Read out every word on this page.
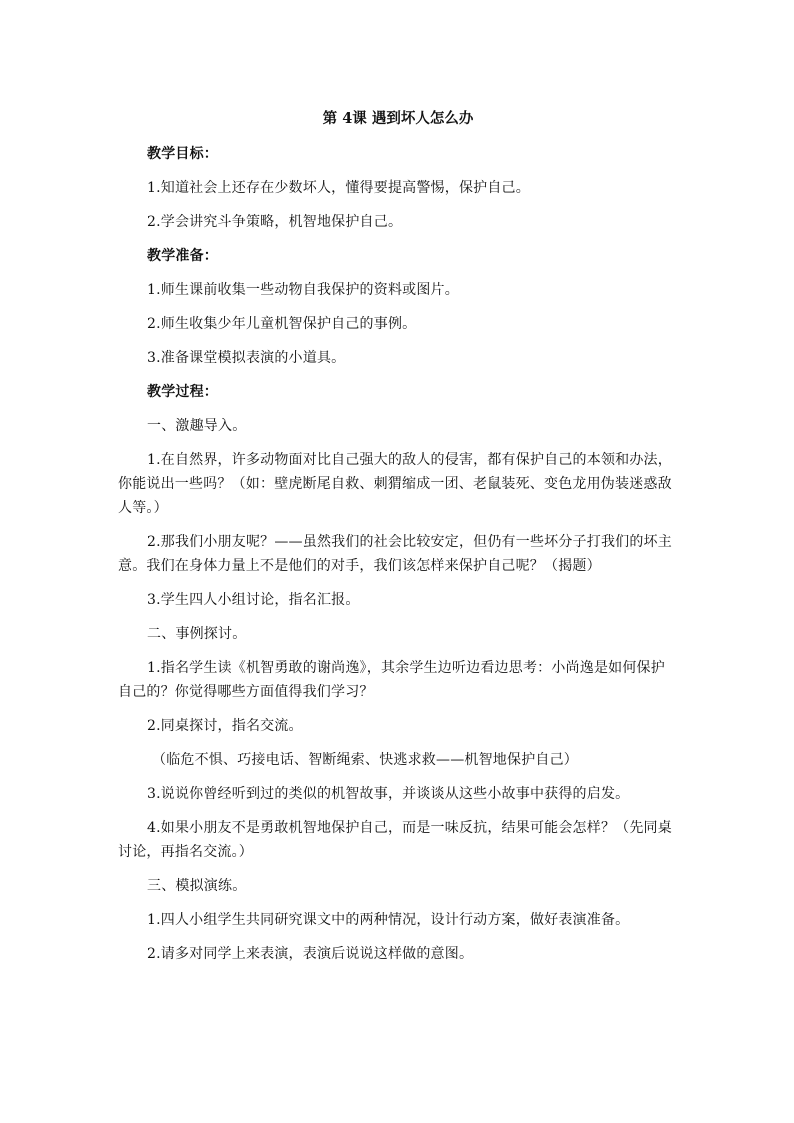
第 4课 遇到坏人怎么办
教学目标：
1.知道社会上还存在少数坏人，懂得要提高警惕，保护自己。
2.学会讲究斗争策略，机智地保护自己。
教学准备：
1.师生课前收集一些动物自我保护的资料或图片。
2.师生收集少年儿童机智保护自己的事例。
3.准备课堂模拟表演的小道具。
教学过程：
一、激趣导入。
1.在自然界，许多动物面对比自己强大的敌人的侵害，都有保护自己的本领和办法，你能说出一些吗？（如：壁虎断尾自救、刺猬缩成一团、老鼠装死、变色龙用伪装迷惑敌人等。）
2.那我们小朋友呢？——虽然我们的社会比较安定，但仍有一些坏分子打我们的坏主意。我们在身体力量上不是他们的对手，我们该怎样来保护自己呢？（揭题）
3.学生四人小组讨论，指名汇报。
二、事例探讨。
1.指名学生读《机智勇敢的谢尚逸》，其余学生边听边看边思考：小尚逸是如何保护自己的？你觉得哪些方面值得我们学习？
2.同桌探讨，指名交流。
（临危不惧、巧接电话、智断绳索、快逃求救——机智地保护自己）
3.说说你曾经听到过的类似的机智故事，并谈谈从这些小故事中获得的启发。
4.如果小朋友不是勇敢机智地保护自己，而是一味反抗，结果可能会怎样？（先同桌讨论，再指名交流。）
三、模拟演练。
1.四人小组学生共同研究课文中的两种情况，设计行动方案，做好表演准备。
2.请多对同学上来表演，表演后说说这样做的意图。
